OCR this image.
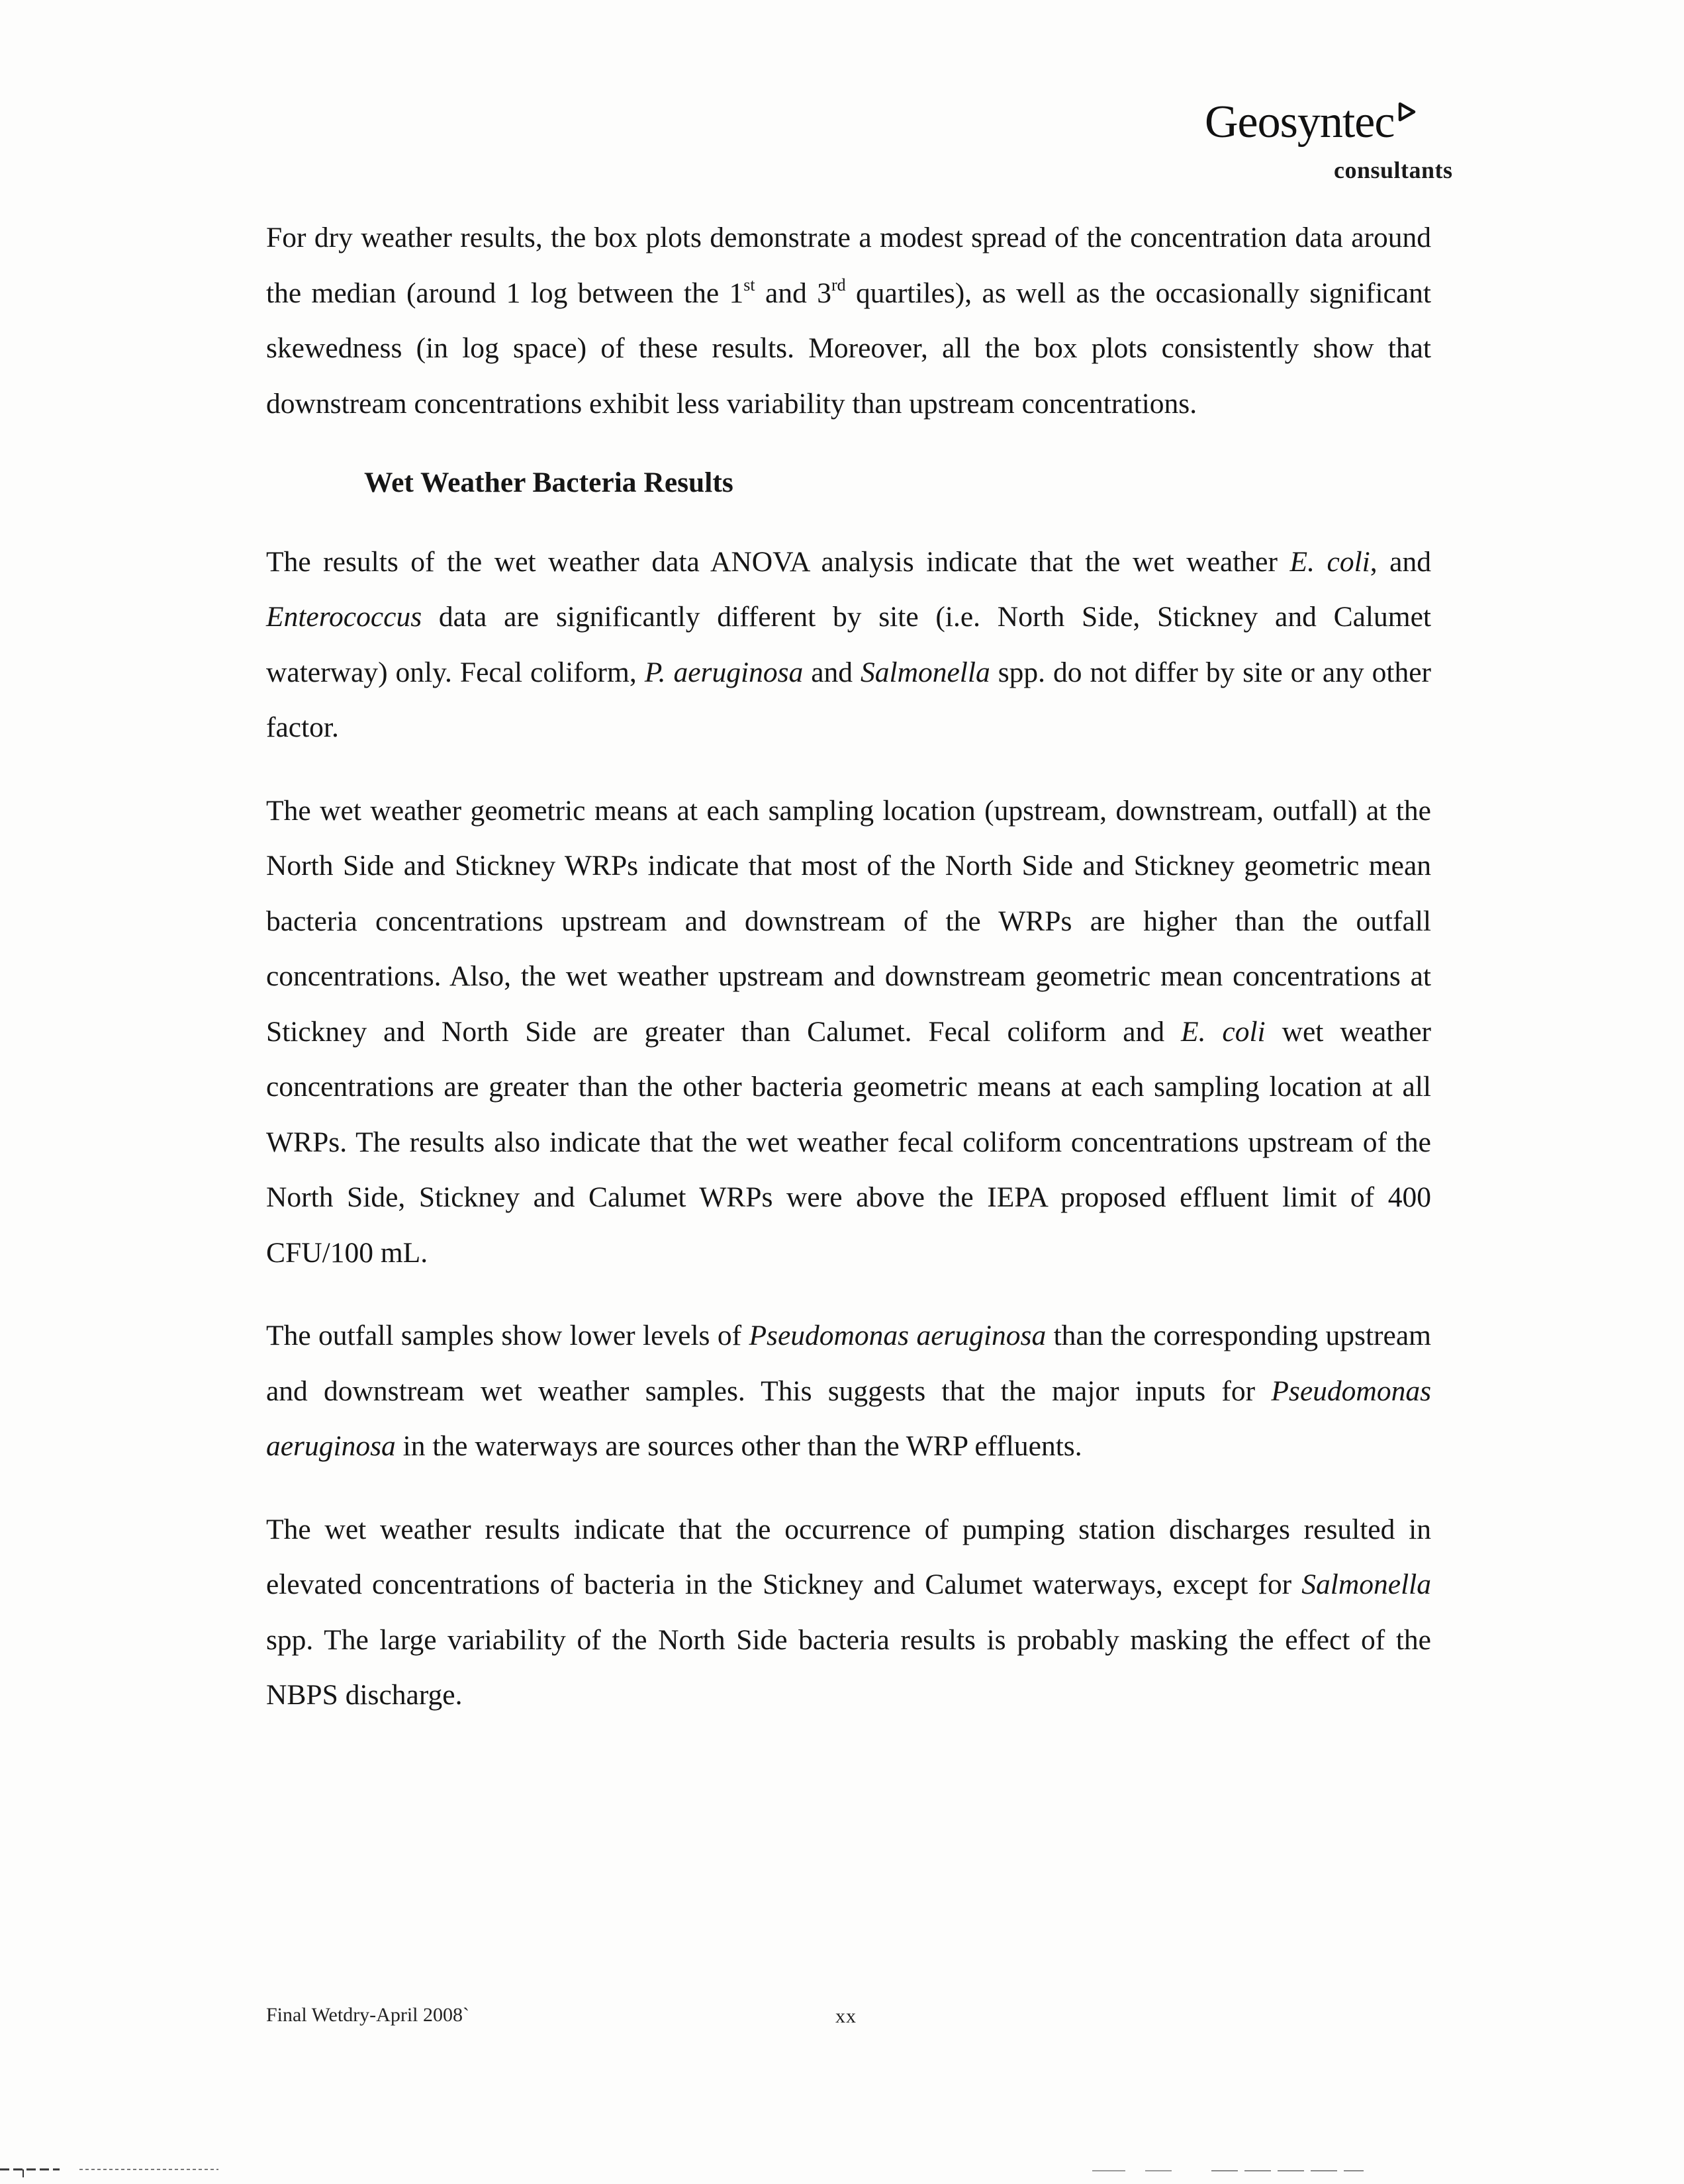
Geosyntec
consultants

For dry weather results, the box plots demonstrate a modest spread of the concentration data around the median (around 1 log between the 1st and 3rd quartiles), as well as the occasionally significant skewedness (in log space) of these results. Moreover, all the box plots consistently show that downstream concentrations exhibit less variability than upstream concentrations.

Wet Weather Bacteria Results

The results of the wet weather data ANOVA analysis indicate that the wet weather E. coli, and Enterococcus data are significantly different by site (i.e. North Side, Stickney and Calumet waterway) only. Fecal coliform, P. aeruginosa and Salmonella spp. do not differ by site or any other factor.

The wet weather geometric means at each sampling location (upstream, downstream, outfall) at the North Side and Stickney WRPs indicate that most of the North Side and Stickney geometric mean bacteria concentrations upstream and downstream of the WRPs are higher than the outfall concentrations. Also, the wet weather upstream and downstream geometric mean concentrations at Stickney and North Side are greater than Calumet. Fecal coliform and E. coli wet weather concentrations are greater than the other bacteria geometric means at each sampling location at all WRPs. The results also indicate that the wet weather fecal coliform concentrations upstream of the North Side, Stickney and Calumet WRPs were above the IEPA proposed effluent limit of 400 CFU/100 mL.

The outfall samples show lower levels of Pseudomonas aeruginosa than the corresponding upstream and downstream wet weather samples. This suggests that the major inputs for Pseudomonas aeruginosa in the waterways are sources other than the WRP effluents.

The wet weather results indicate that the occurrence of pumping station discharges resulted in elevated concentrations of bacteria in the Stickney and Calumet waterways, except for Salmonella spp. The large variability of the North Side bacteria results is probably masking the effect of the NBPS discharge.

Final Wetdry-April 2008`	xx
